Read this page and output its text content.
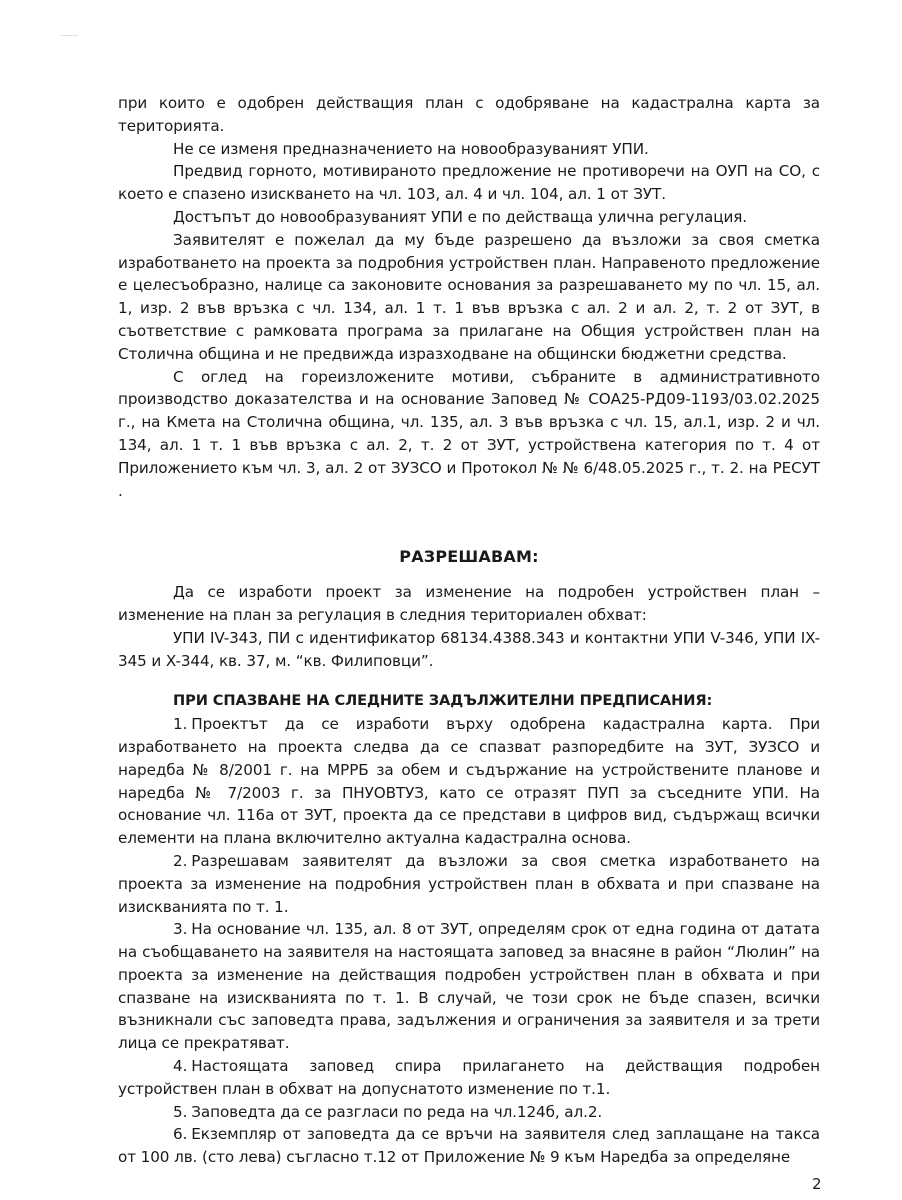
при които е одобрен действащия план с одобряване на кадастрална карта за територията.

Не се изменя предназначението на новообразуваният УПИ.

Предвид горното, мотивираното предложение не противоречи на ОУП на СО, с което е спазено изискването на чл. 103, ал. 4 и чл. 104, ал. 1 от ЗУТ.

Достъпът до новообразуваният УПИ е по действаща улична регулация.

Заявителят е пожелал да му бъде разрешено да възложи за своя сметка изработването на проекта за подробния устройствен план. Направеното предложение е целесъобразно, налице са законовите основания за разрешаването му по чл. 15, ал. 1, изр. 2 във връзка с чл. 134, ал. 1 т. 1 във връзка с ал. 2 и ал. 2, т. 2 от ЗУТ, в съответствие с рамковата програма за прилагане на Общия устройствен план на Столична община и не предвижда изразходване на общински бюджетни средства.

С оглед на гореизложените мотиви, събраните в административното производство доказателства и на основание Заповед № СОА25-РД09-1193/03.02.2025 г., на Кмета на Столична община, чл. 135, ал. 3 във връзка с чл. 15, ал.1, изр. 2 и чл. 134, ал. 1 т. 1 във връзка с ал. 2, т. 2 от ЗУТ, устройствена категория по т. 4 от Приложението към чл. 3, ал. 2 от ЗУЗСО и Протокол № № 6/48.05.2025 г., т. 2. на РЕСУТ .

РАЗРЕШАВАМ:

Да се изработи проект за изменение на подробен устройствен план – изменение на план за регулация в следния териториален обхват:

УПИ IV-343, ПИ с идентификатор 68134.4388.343 и контактни УПИ V-346, УПИ IX-345 и X-344, кв. 37, м. “кв. Филиповци”.

ПРИ СПАЗВАНЕ НА СЛЕДНИТЕ ЗАДЪЛЖИТЕЛНИ ПРЕДПИСАНИЯ:

1. Проектът да се изработи върху одобрена кадастрална карта. При изработването на проекта следва да се спазват разпоредбите на ЗУТ, ЗУЗСО и наредба № 8/2001 г. на МРРБ за обем и съдържание на устройствените планове и наредба № 7/2003 г. за ПНУОВТУЗ, като се отразят ПУП за съседните УПИ. На основание чл. 116а от ЗУТ, проекта да се представи в цифров вид, съдържащ всички елементи на плана включително актуална кадастрална основа.

2. Разрешавам заявителят да възложи за своя сметка изработването на проекта за изменение на подробния устройствен план в обхвата и при спазване на изискванията по т. 1.

3. На основание чл. 135, ал. 8 от ЗУТ, определям срок от една година от датата на съобщаването на заявителя на настоящата заповед за внасяне в район “Люлин” на проекта за изменение на действащия подробен устройствен план в обхвата и при спазване на изискванията по т. 1. В случай, че този срок не бъде спазен, всички възникнали със заповедта права, задължения и ограничения за заявителя и за трети лица се прекратяват.

4. Настоящата заповед спира прилагането на действащия подробен устройствен план в обхват на допуснатото изменение по т.1.

5. Заповедта да се разгласи по реда на чл.124б, ал.2.

6. Екземпляр от заповедта да се връчи на заявителя след заплащане на такса от 100 лв. (сто лева) съгласно т.12 от Приложение № 9 към Наредба за определяне

2
